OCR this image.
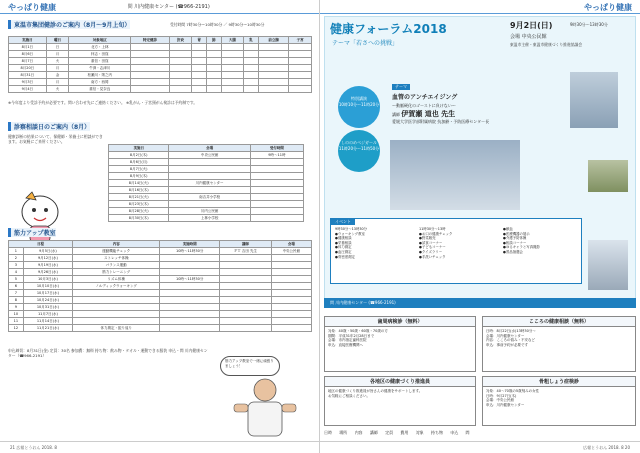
やっぱり健康	問 川内健康センター (☎966-2191)
東温市集団健診のご案内（8月〜9月上旬）	受付時間 7時30分〜10時30分 ／ 9時30分〜10時30分
実施日	曜日	対象地区	特定健診	肝炎	胃	肺	大腸	乳	前立腺	子宮
8月1日	日	北方・上林								
8月6日	月	拝志・田窪								
8月7日	火	重信・田窪								
8月20日	月	牛渕・志津川								
8月31日	金	松瀬川・則之内								
9月3日	月	南方・西岡								
9月4日	火	重信・見奈良								
※今年度より受診予約が必要です。問い合わせ先にご連絡ください。 ※乳がん・子宮頸がん検診は予約制です。
診察相談日のご案内（8月）
健康診断の結果について、保健師・栄養士に相談ができます。お気軽にご来所ください。
実施日	会場	受付時間
8月2日(木)	中央公民館	9時〜11時
8月6日(月)		
8月7日(火)		
8月9日(木)		
8月14日(火)	川内健康センター	
8月16日(木)		
8月21日(火)	南吉井小学校	
8月23日(木)		
8月28日(火)	川内公民館	
8月30日(木)	上林小学校	
筋力アップ教室
日程		内容	実施時間	講師	会場
1	9月5日(水)	運動機能チェック	10時〜11時30分	ＰＴ 吉田 先生	中央公民館
2	9月12日(水)	ストレッチ体操			
3	9月19日(水)	バランス運動			
4	9月26日(水)	筋力トレーニング			
5	10月3日(水)	リズム体操	10時〜11時30分		
6	10月10日(水)	ノルディックウォーキング			
7	10月17日(水)				
8	10月24日(水)				
9	10月31日(水)				
10	11月7日(水)				
11	11月14日(水)				
12	11月21日(水)	体力測定・振り返り			
申込締切：8月31日(金) 定員：30名 参加費：無料 持ち物：飲み物・タオル・運動できる服装 申込・問 川内健康センター（☎966-2191）
筋力アップ教室で一緒に頑張りましょう！
21 広報とうおん 2018. 8
やっぱり健康
健康フォーラム2018
テーマ「若さへの挑戦」
9月2日(日)	9時30分〜13時30分
会場 中央公民館
東温市主催・東温市健康づくり推進協議会
特別講演
10時10分〜11時20分
しののめベジガール
11時20分〜11時50分
テーマ
血管のアンチエイジング
〜動脈硬化のゴーストに負けない〜
講師 伊賀瀬 道也 先生
愛媛大学医学部附属病院 抗加齢・予防医療センター長
イベント
9時30分〜13時30分
●ウォーキング教室
●健康相談
●栄養相談
●体力測定
●血圧測定
●骨密度測定
11時30分〜13時
●お口の健康チェック
●野菜販売
●試食コーナー
●子どもコーナー
●クイズラリー
●手洗いチェック
●献血
●医療機器の展示
●介護予防体操
●相談コーナー
●ゆるキャラと写真撮影
●景品抽選会
問 川内健康センター (☎966-2191)
歯周病検診（無料）
対象：40歳・50歳・60歳・70歳の方
期間：平成31年2月28日まで
会場：市内指定歯科医院
申込：直接医療機関へ
こころの健康相談（無料）
日時：8月22日(水)13時30分〜
会場：川内健康センター
内容：こころの悩み・不安など
申込：事前予約が必要です
各地区の健康づくり推進員
地区の健康づくり推進員が皆さんの健康をサポートします。
お気軽にご相談ください。
骨粗しょう症検診
対象：40〜70歳の5歳刻みの女性
日時：9月27日(木)
会場：中央公民館
申込：川内健康センター
日時 場所 内容 講師 定員 費用 対象 持ち物 申込 問
広報とうおん 2018. 8 20
